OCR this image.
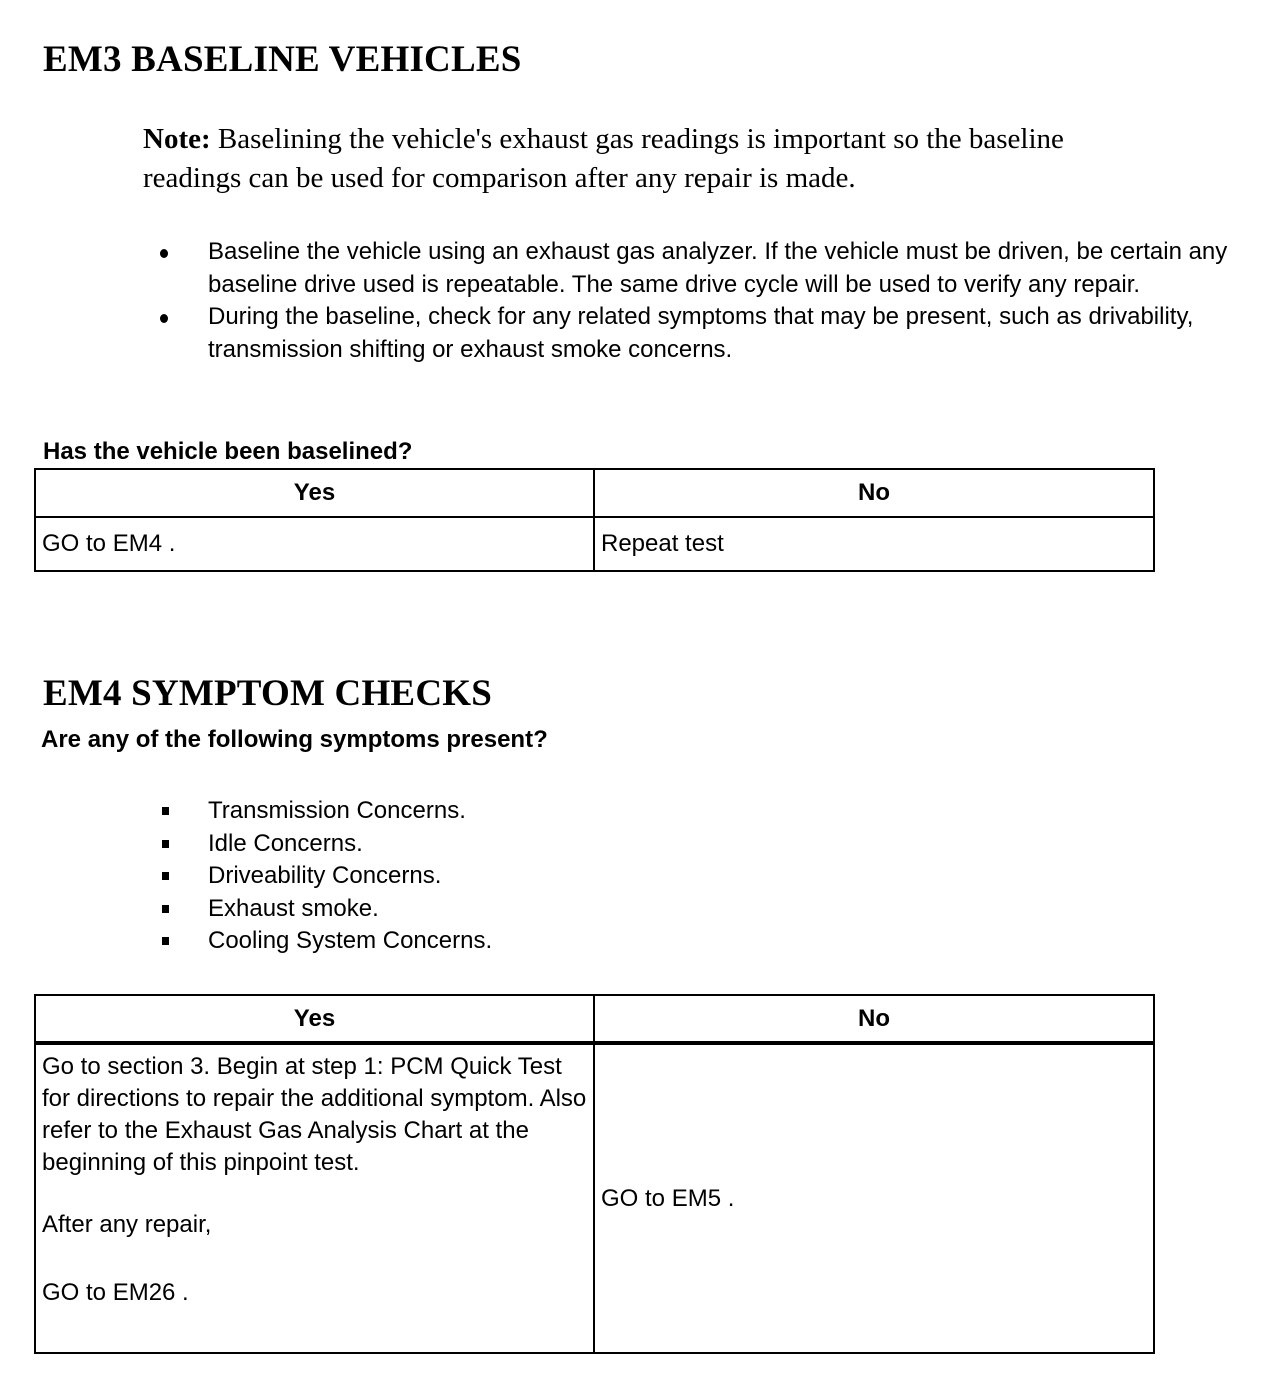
EM3 BASELINE VEHICLES
Note: Baselining the vehicle's exhaust gas readings is important so the baseline
readings can be used for comparison after any repair is made.
Baseline the vehicle using an exhaust gas analyzer. If the vehicle must be driven, be certain any baseline drive used is repeatable. The same drive cycle will be used to verify any repair.
During the baseline, check for any related symptoms that may be present, such as drivability, transmission shifting or exhaust smoke concerns.
Has the vehicle been baselined?
Yes	No
GO to EM4 .	Repeat test
EM4 SYMPTOM CHECKS
Are any of the following symptoms present?
Transmission Concerns.
Idle Concerns.
Driveability Concerns.
Exhaust smoke.
Cooling System Concerns.
Yes	No

Go to section 3. Begin at step 1: PCM Quick Test for directions to repair the additional symptom. Also refer to the Exhaust Gas Analysis Chart at the beginning of this pinpoint test.
After any repair,
GO to EM26 .	GO to EM5 .
